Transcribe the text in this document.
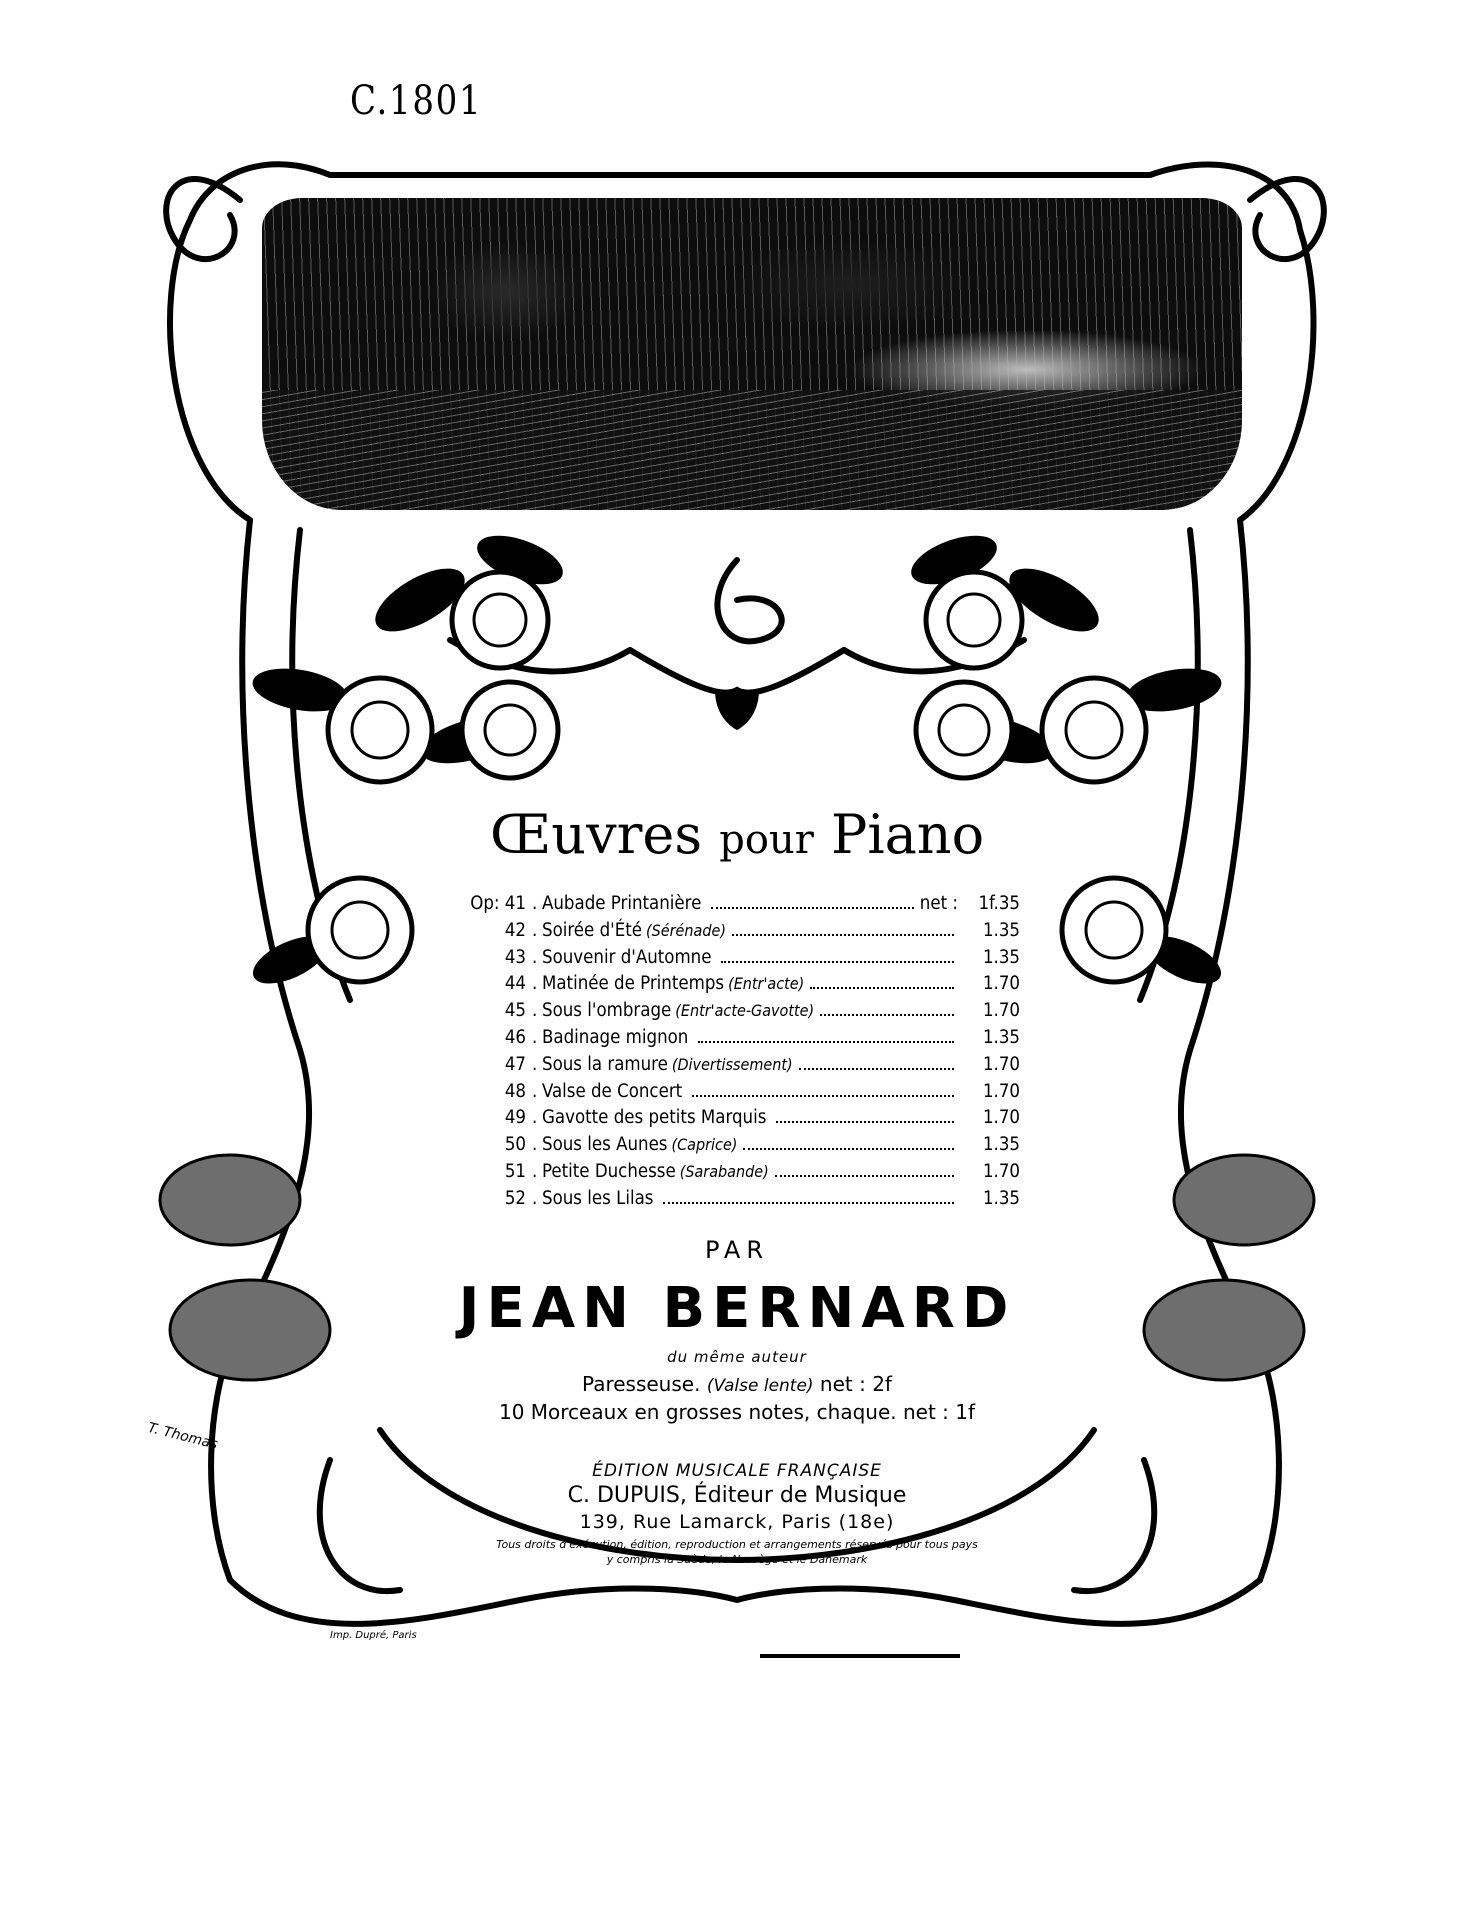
C.1801
Œuvres pour Piano
Op: 41 . Aubade Printanière	net :	1f.35
42 . Soirée d'Été (Sérénade)	1.35
43 . Souvenir d'Automne	1.35
44 . Matinée de Printemps (Entr'acte)	1.70
45 . Sous l'ombrage (Entr'acte-Gavotte)	1.70
46 . Badinage mignon	1.35
47 . Sous la ramure (Divertissement)	1.70
48 . Valse de Concert	1.70
49 . Gavotte des petits Marquis	1.70
50 . Sous les Aunes (Caprice)	1.35
51 . Petite Duchesse (Sarabande)	1.70
52 . Sous les Lilas	1.35
PAR
JEAN BERNARD
du même auteur
Paresseuse. (Valse lente) net : 2f
10 Morceaux en grosses notes, chaque. net : 1f
ÉDITION MUSICALE FRANÇAISE
C. DUPUIS, Éditeur de Musique
139, Rue Lamarck, Paris (18e)
Tous droits d'exécution, édition, reproduction et arrangements réservés pour tous pays
y compris la Suède, la Norvège et le Danemark
Imp. Dupré, Paris
T. Thomas
